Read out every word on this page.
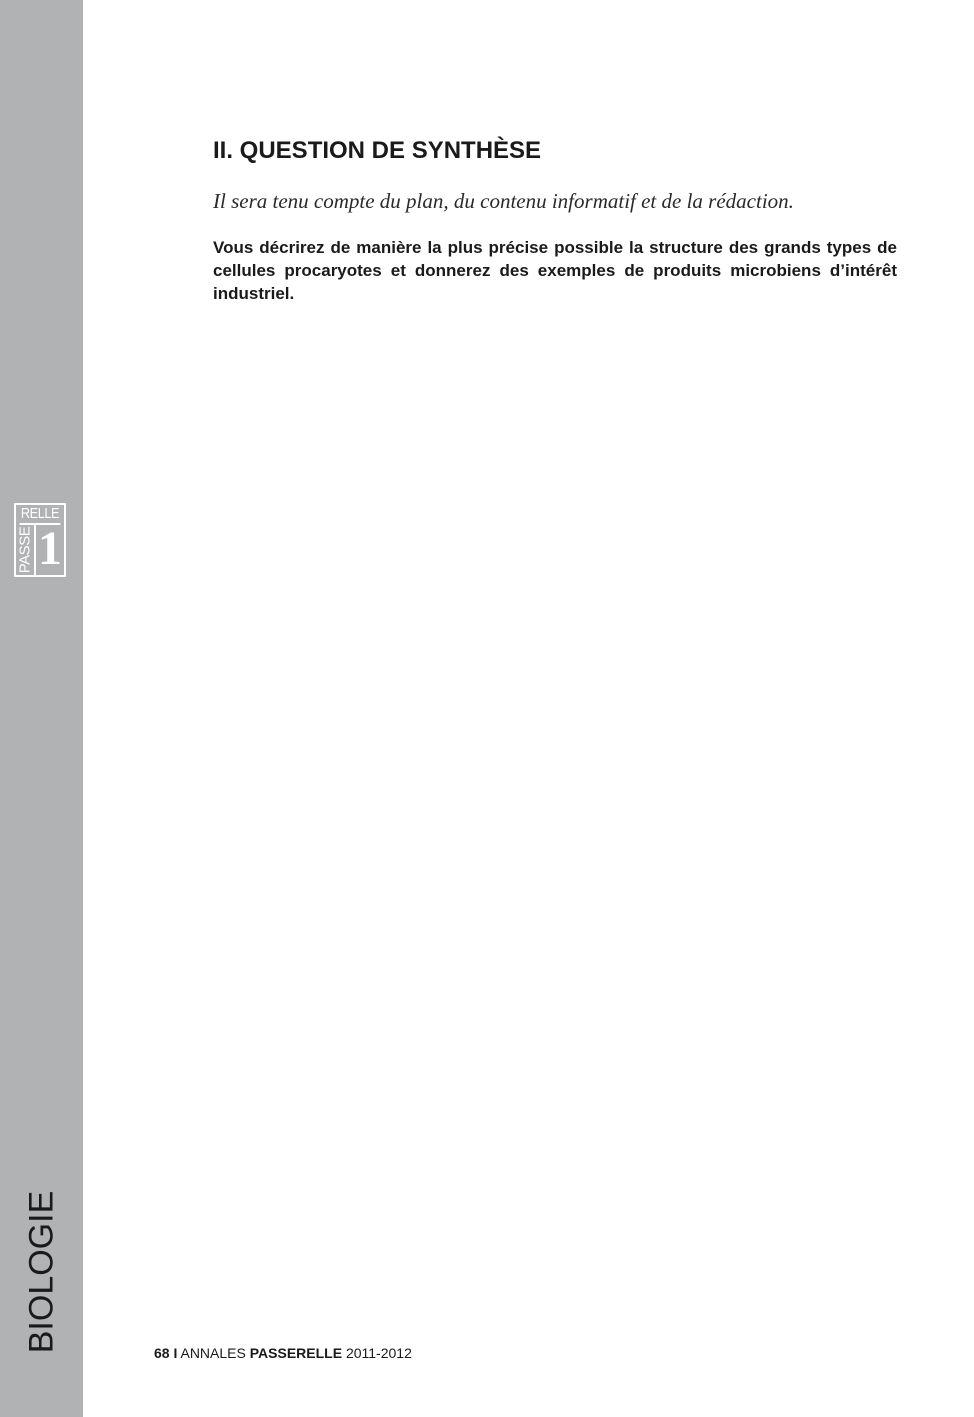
RELLE
PASSE 1
BIOLOGIE
II. QUESTION DE SYNTHÈSE
Il sera tenu compte du plan, du contenu informatif et de la rédaction.
Vous décrirez de manière la plus précise possible la structure des grands types de cellules procaryotes et donnerez des exemples de produits microbiens d’intérêt industriel.
68 I ANNALES PASSERELLE 2011-2012
